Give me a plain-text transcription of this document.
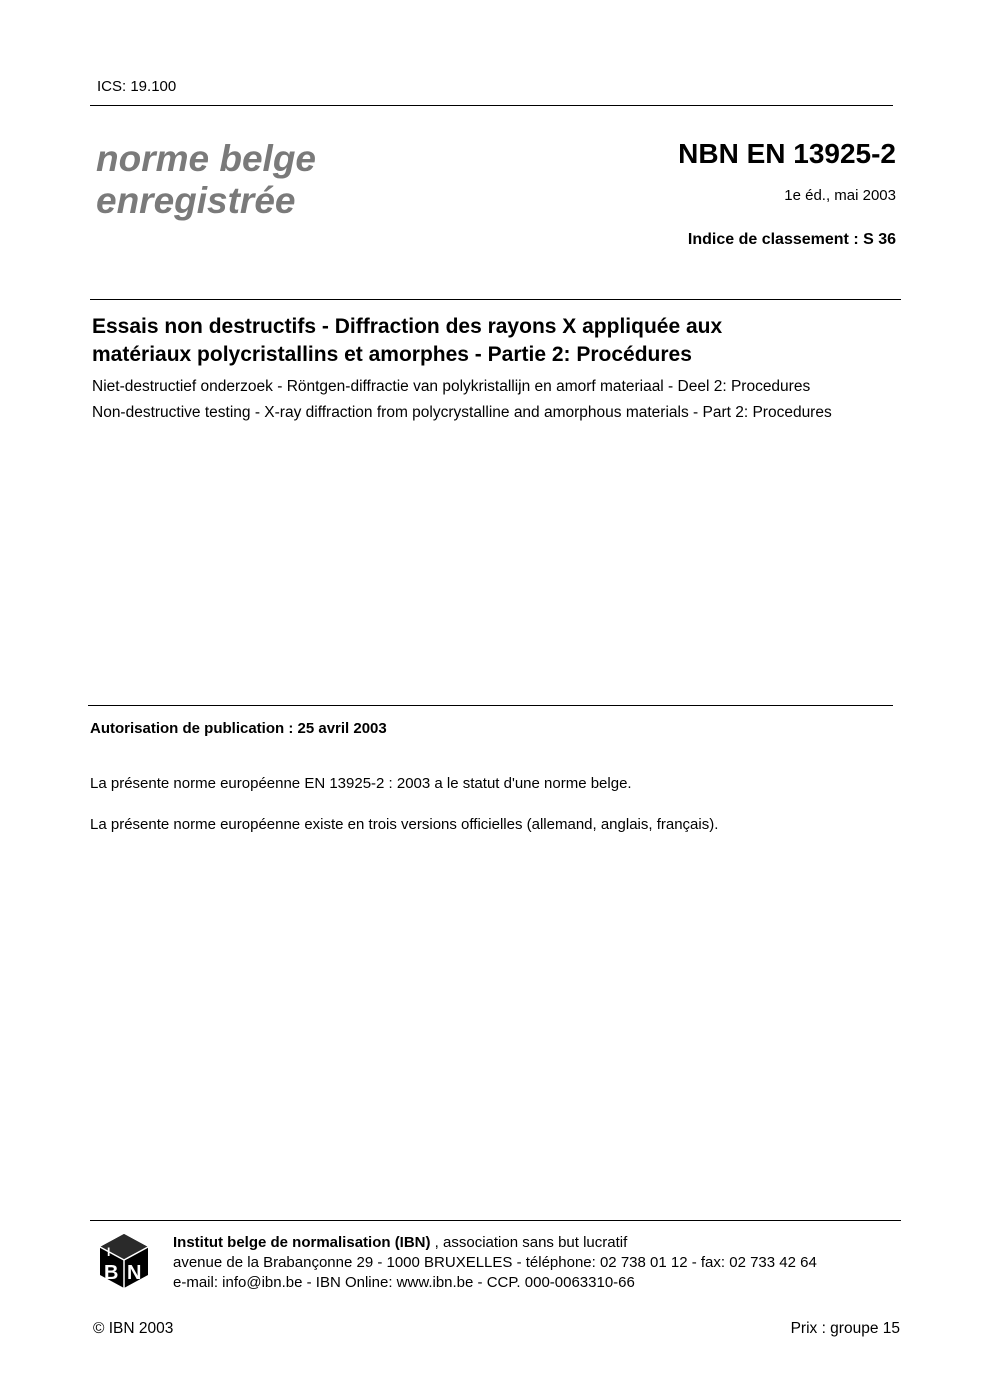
ICS: 19.100
norme belge
enregistrée
NBN EN 13925-2
1e éd., mai 2003
Indice de classement : S 36
Essais non destructifs - Diffraction des rayons X appliquée aux
matériaux polycristallins et amorphes - Partie 2: Procédures
Niet-destructief onderzoek - Röntgen-diffractie van polykristallijn en amorf materiaal - Deel 2: Procedures
Non-destructive testing - X-ray diffraction from polycrystalline and amorphous materials - Part 2: Procedures
Autorisation de publication : 25 avril 2003
La présente norme européenne EN 13925-2 : 2003 a le statut d'une norme belge.
La présente norme européenne existe en trois versions officielles (allemand, anglais, français).
I
B N
Institut belge de normalisation (IBN) , association sans but lucratif
avenue de la Brabançonne 29 - 1000 BRUXELLES - téléphone: 02 738 01 12 - fax: 02 733 42 64
e-mail: info@ibn.be - IBN Online: www.ibn.be - CCP. 000-0063310-66
© IBN 2003	Prix : groupe 15
